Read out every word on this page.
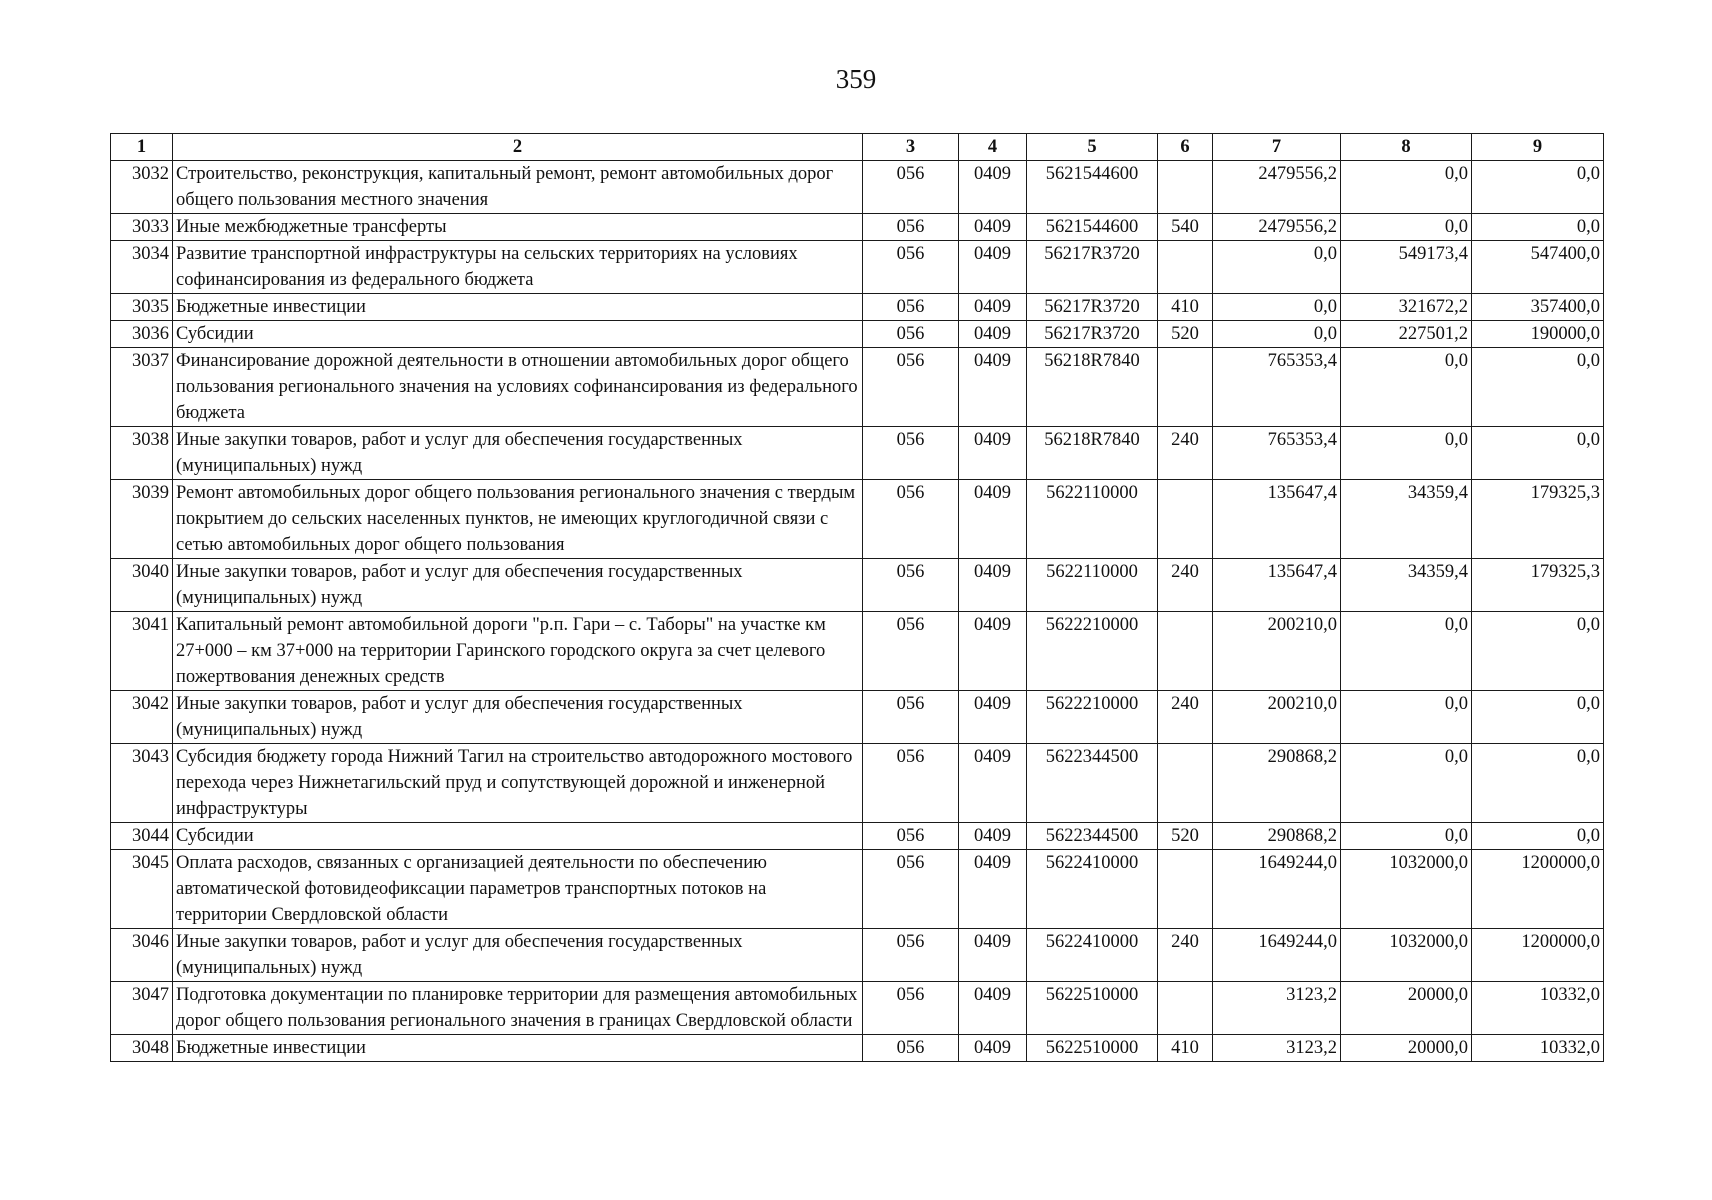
359
1	2	3	4	5	6	7	8	9
3032	Строительство, реконструкция, капитальный ремонт, ремонт автомобильных дорог общего пользования местного значения	056	0409	5621544600		2479556,2	0,0	0,0
3033	Иные межбюджетные трансферты	056	0409	5621544600	540	2479556,2	0,0	0,0
3034	Развитие транспортной инфраструктуры на сельских территориях на условиях софинансирования из федерального бюджета	056	0409	56217R3720		0,0	549173,4	547400,0
3035	Бюджетные инвестиции	056	0409	56217R3720	410	0,0	321672,2	357400,0
3036	Субсидии	056	0409	56217R3720	520	0,0	227501,2	190000,0
3037	Финансирование дорожной деятельности в отношении автомобильных дорог общего пользования регионального значения на условиях софинансирования из федерального бюджета	056	0409	56218R7840		765353,4	0,0	0,0
3038	Иные закупки товаров, работ и услуг для обеспечения государственных (муниципальных) нужд	056	0409	56218R7840	240	765353,4	0,0	0,0
3039	Ремонт автомобильных дорог общего пользования регионального значения с твердым покрытием до сельских населенных пунктов, не имеющих круглогодичной связи с сетью автомобильных дорог общего пользования	056	0409	5622110000		135647,4	34359,4	179325,3
3040	Иные закупки товаров, работ и услуг для обеспечения государственных (муниципальных) нужд	056	0409	5622110000	240	135647,4	34359,4	179325,3
3041	Капитальный ремонт автомобильной дороги "р.п. Гари – с. Таборы" на участке км 27+000 – км 37+000 на территории Гаринского городского округа за счет целевого пожертвования денежных средств	056	0409	5622210000		200210,0	0,0	0,0
3042	Иные закупки товаров, работ и услуг для обеспечения государственных (муниципальных) нужд	056	0409	5622210000	240	200210,0	0,0	0,0
3043	Субсидия бюджету города Нижний Тагил на строительство автодорожного мостового перехода через Нижнетагильский пруд и сопутствующей дорожной и инженерной инфраструктуры	056	0409	5622344500		290868,2	0,0	0,0
3044	Субсидии	056	0409	5622344500	520	290868,2	0,0	0,0
3045	Оплата расходов, связанных с организацией деятельности по обеспечению автоматической фотовидеофиксации параметров транспортных потоков на территории Свердловской области	056	0409	5622410000		1649244,0	1032000,0	1200000,0
3046	Иные закупки товаров, работ и услуг для обеспечения государственных (муниципальных) нужд	056	0409	5622410000	240	1649244,0	1032000,0	1200000,0
3047	Подготовка документации по планировке территории для размещения автомобильных дорог общего пользования регионального значения в границах Свердловской области	056	0409	5622510000		3123,2	20000,0	10332,0
3048	Бюджетные инвестиции	056	0409	5622510000	410	3123,2	20000,0	10332,0
